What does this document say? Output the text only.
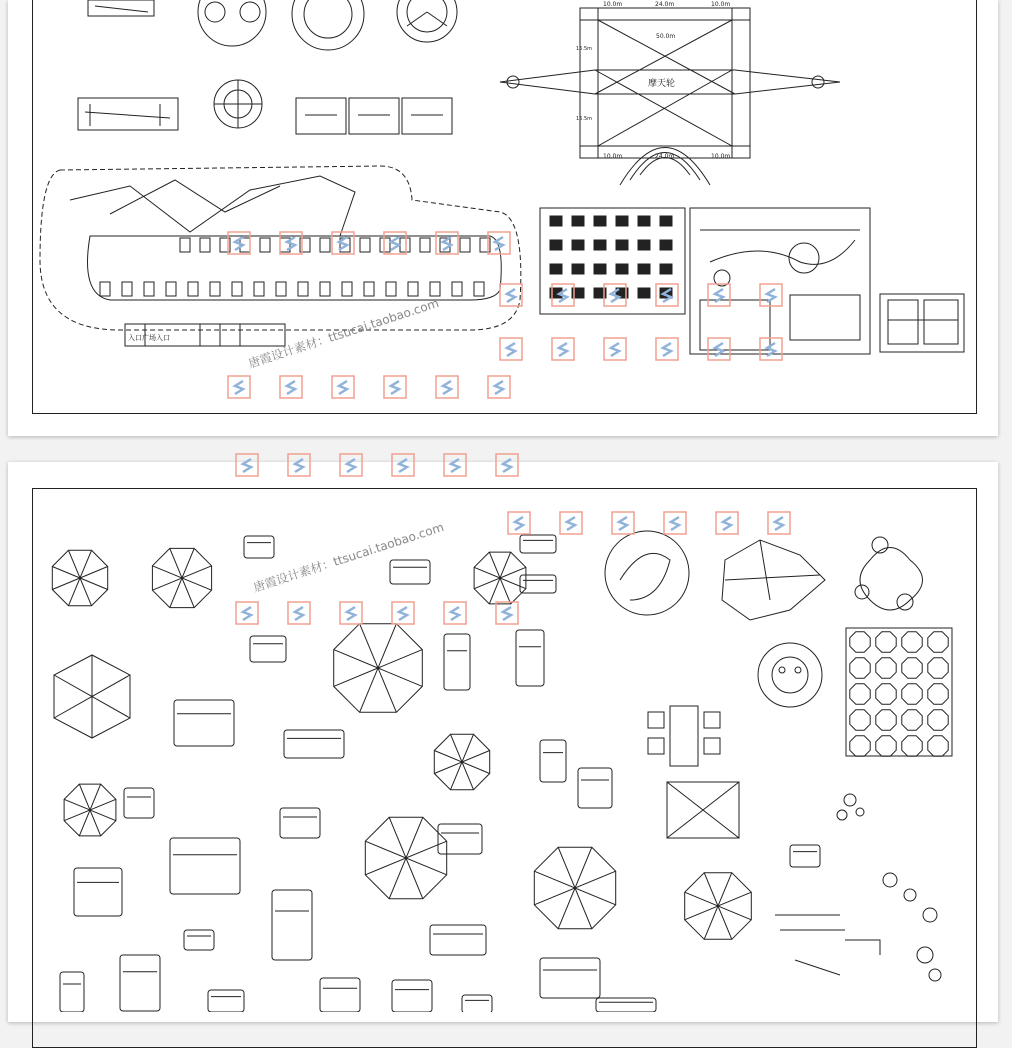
摩天轮
10.0m	24.0m	10.0m
50.0m
16.5m
16.5m
10.0m	24.0m	10.0m
入口广场入口	唐霞设计素材：ttsucai.taobao.com
唐霞设计素材：ttsucai.taobao.com
